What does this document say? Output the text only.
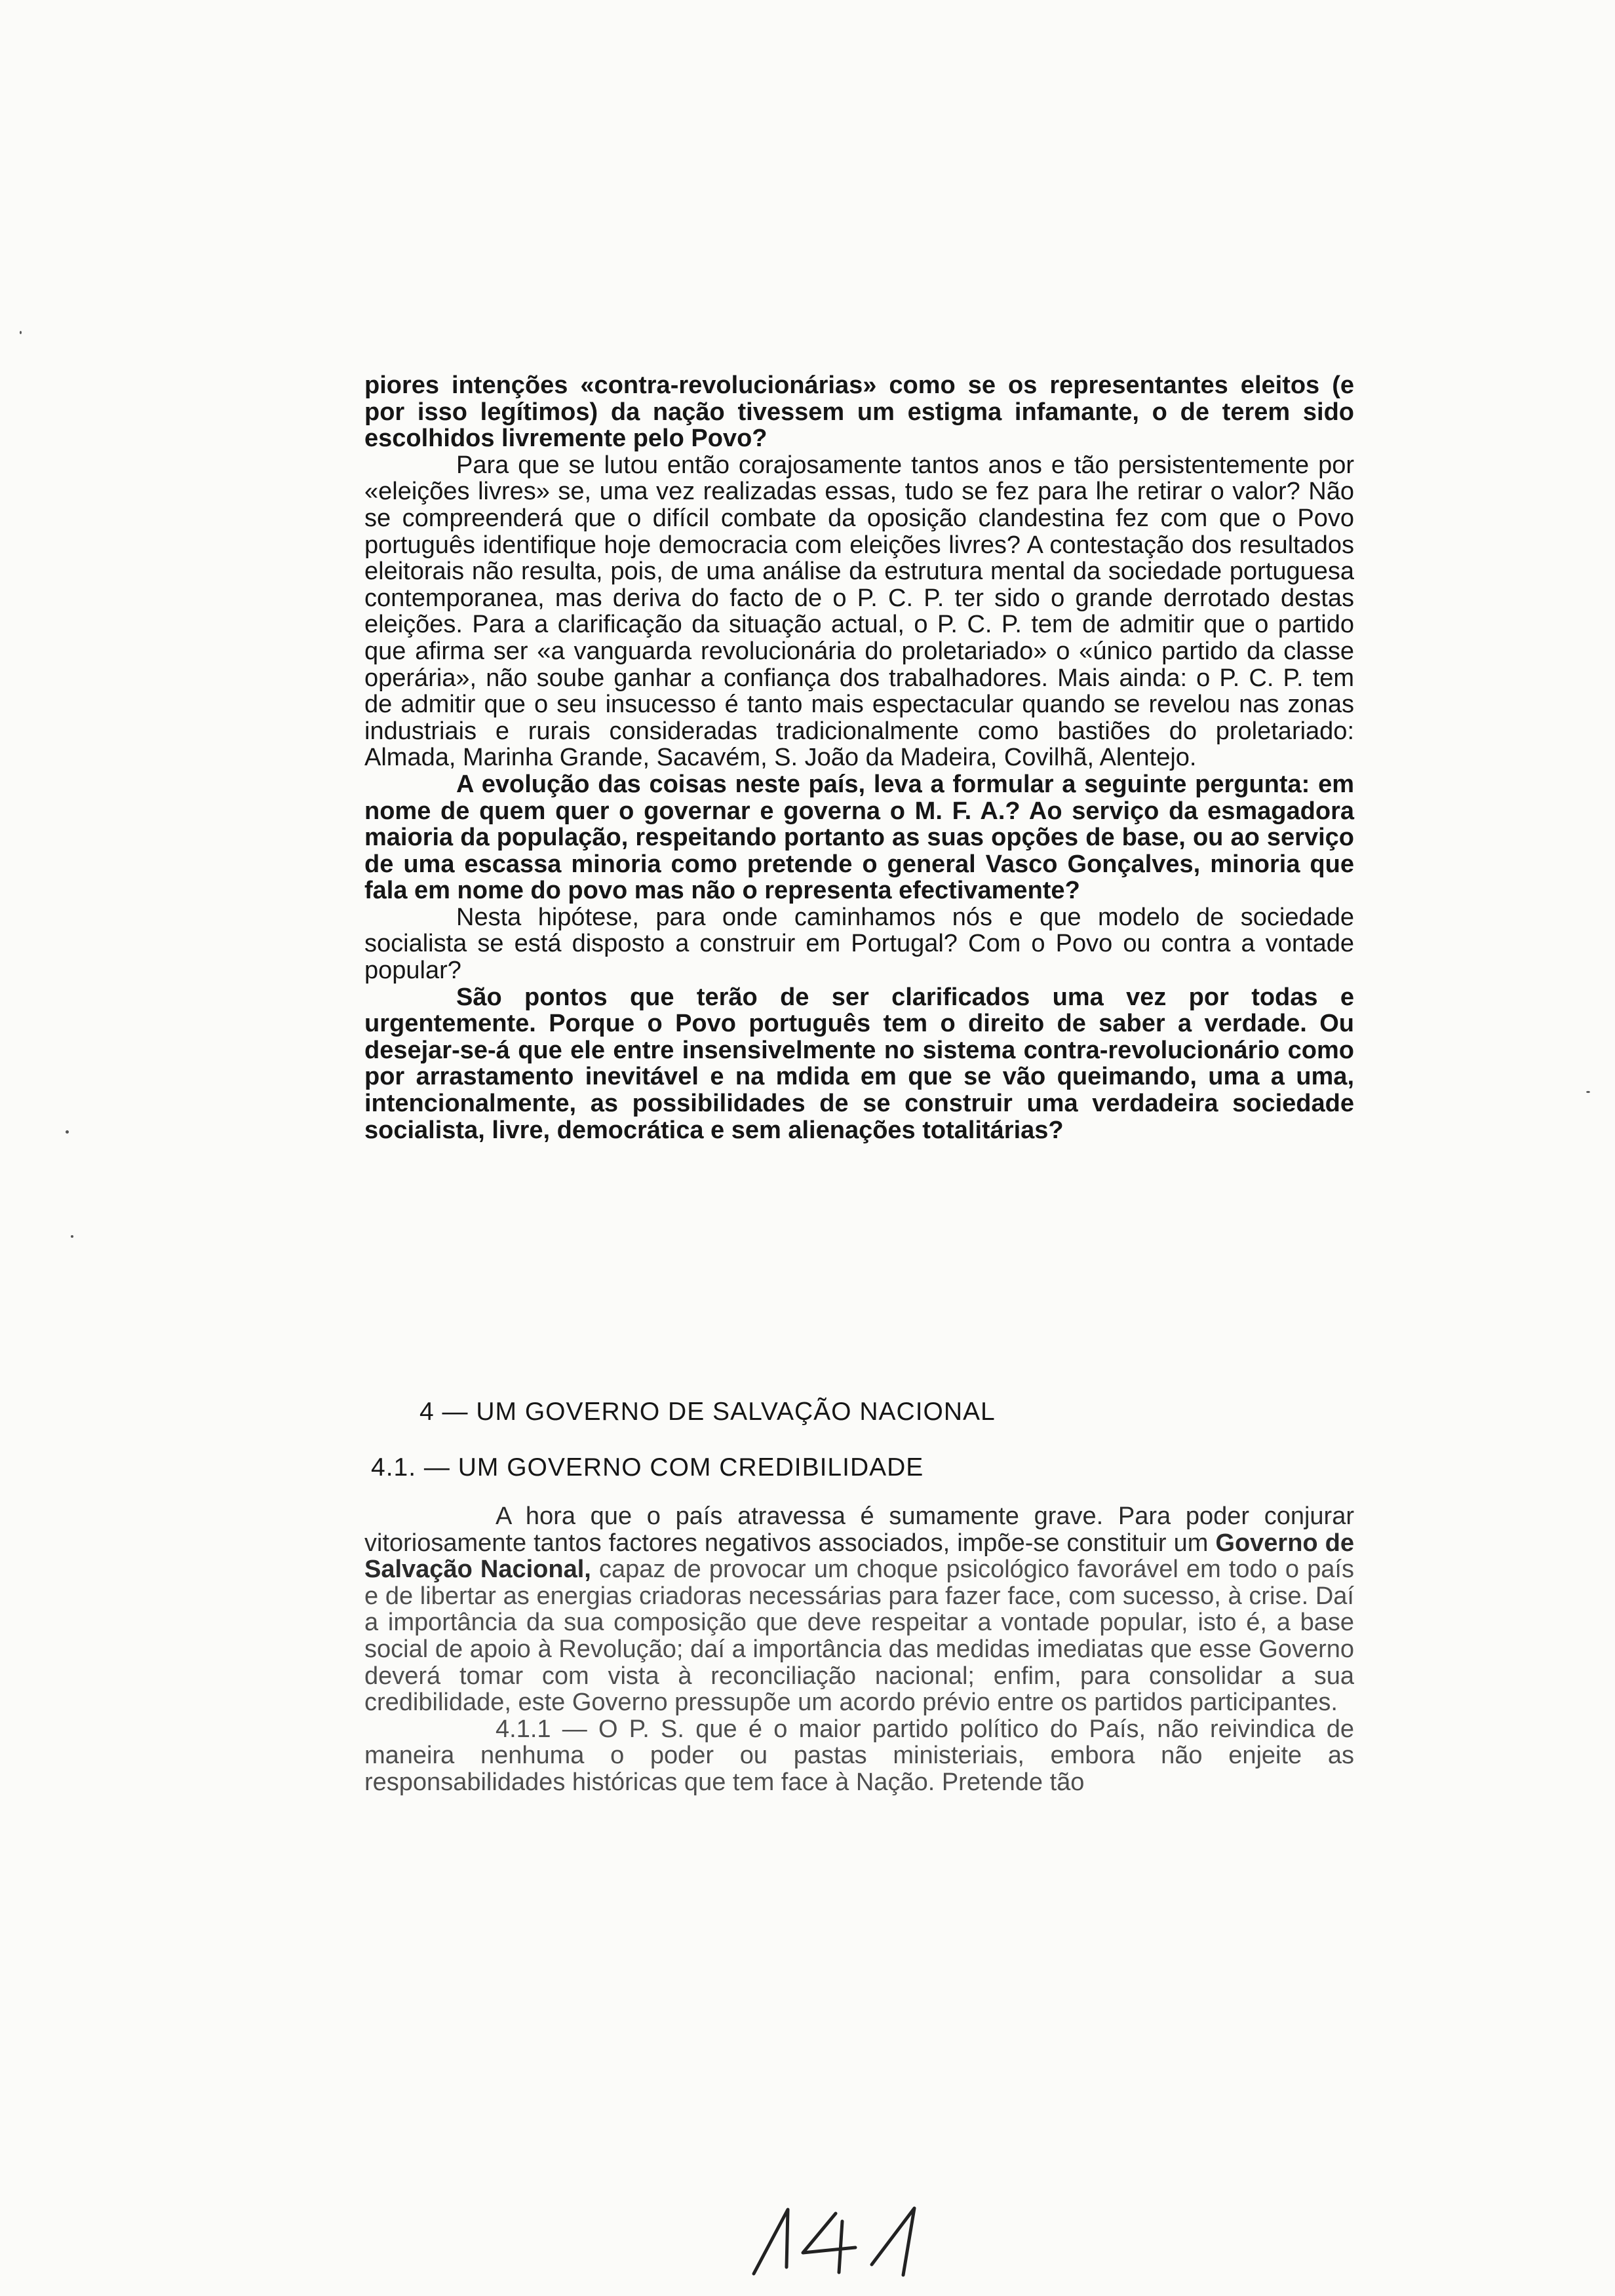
piores intenções «contra-revolucionárias» como se os representantes eleitos (e por isso legítimos) da nação tivessem um estigma infamante, o de terem sido escolhidos livremente pelo Povo?

Para que se lutou então corajosamente tantos anos e tão persistentemente por «eleições livres» se, uma vez realizadas essas, tudo se fez para lhe retirar o valor? Não se compreenderá que o difícil combate da oposição clandestina fez com que o Povo português identifique hoje democracia com eleições livres? A contestação dos resultados eleitorais não resulta, pois, de uma análise da estrutura mental da sociedade portuguesa contemporanea, mas deriva do facto de o P. C. P. ter sido o grande derrotado destas eleições. Para a clarificação da situação actual, o P. C. P. tem de admitir que o partido que afirma ser «a vanguarda revolucionária do proletariado» o «único partido da classe operária», não soube ganhar a confiança dos trabalhadores. Mais ainda: o P. C. P. tem de admitir que o seu insucesso é tanto mais espectacular quando se revelou nas zonas industriais e rurais consideradas tradicionalmente como bastiões do proletariado: Almada, Marinha Grande, Sacavém, S. João da Madeira, Covilhã, Alentejo.

A evolução das coisas neste país, leva a formular a seguinte pergunta: em nome de quem quer o governar e governa o M. F. A.? Ao serviço da esmagadora maioria da população, respeitando portanto as suas opções de base, ou ao serviço de uma escassa minoria como pretende o general Vasco Gonçalves, minoria que fala em nome do povo mas não o representa efectivamente?

Nesta hipótese, para onde caminhamos nós e que modelo de sociedade socialista se está disposto a construir em Portugal? Com o Povo ou contra a vontade popular?

São pontos que terão de ser clarificados uma vez por todas e urgentemente. Porque o Povo português tem o direito de saber a verdade. Ou desejar-se-á que ele entre insensivelmente no sistema contra-revolucionário como por arrastamento inevitável e na mdida em que se vão queimando, uma a uma, intencionalmente, as possibilidades de se construir uma verdadeira sociedade socialista, livre, democrática e sem alienações totalitárias?

4 — UM GOVERNO DE SALVAÇÃO NACIONAL
4.1. — UM GOVERNO COM CREDIBILIDADE

A hora que o país atravessa é sumamente grave. Para poder conjurar vitoriosamente tantos factores negativos associados, impõe-se constituir um Governo de Salvação Nacional, capaz de provocar um choque psicológico favorável em todo o país e de libertar as energias criadoras necessárias para fazer face, com sucesso, à crise. Daí a importância da sua composição que deve respeitar a vontade popular, isto é, a base social de apoio à Revolução; daí a importância das medidas imediatas que esse Governo deverá tomar com vista à reconciliação nacional; enfim, para consolidar a sua credibilidade, este Governo pressupõe um acordo prévio entre os partidos participantes.

4.1.1 — O P. S. que é o maior partido político do País, não reivindica de maneira nenhuma o poder ou pastas ministeriais, embora não enjeite as responsabilidades históricas que tem face à Nação. Pretende tão
